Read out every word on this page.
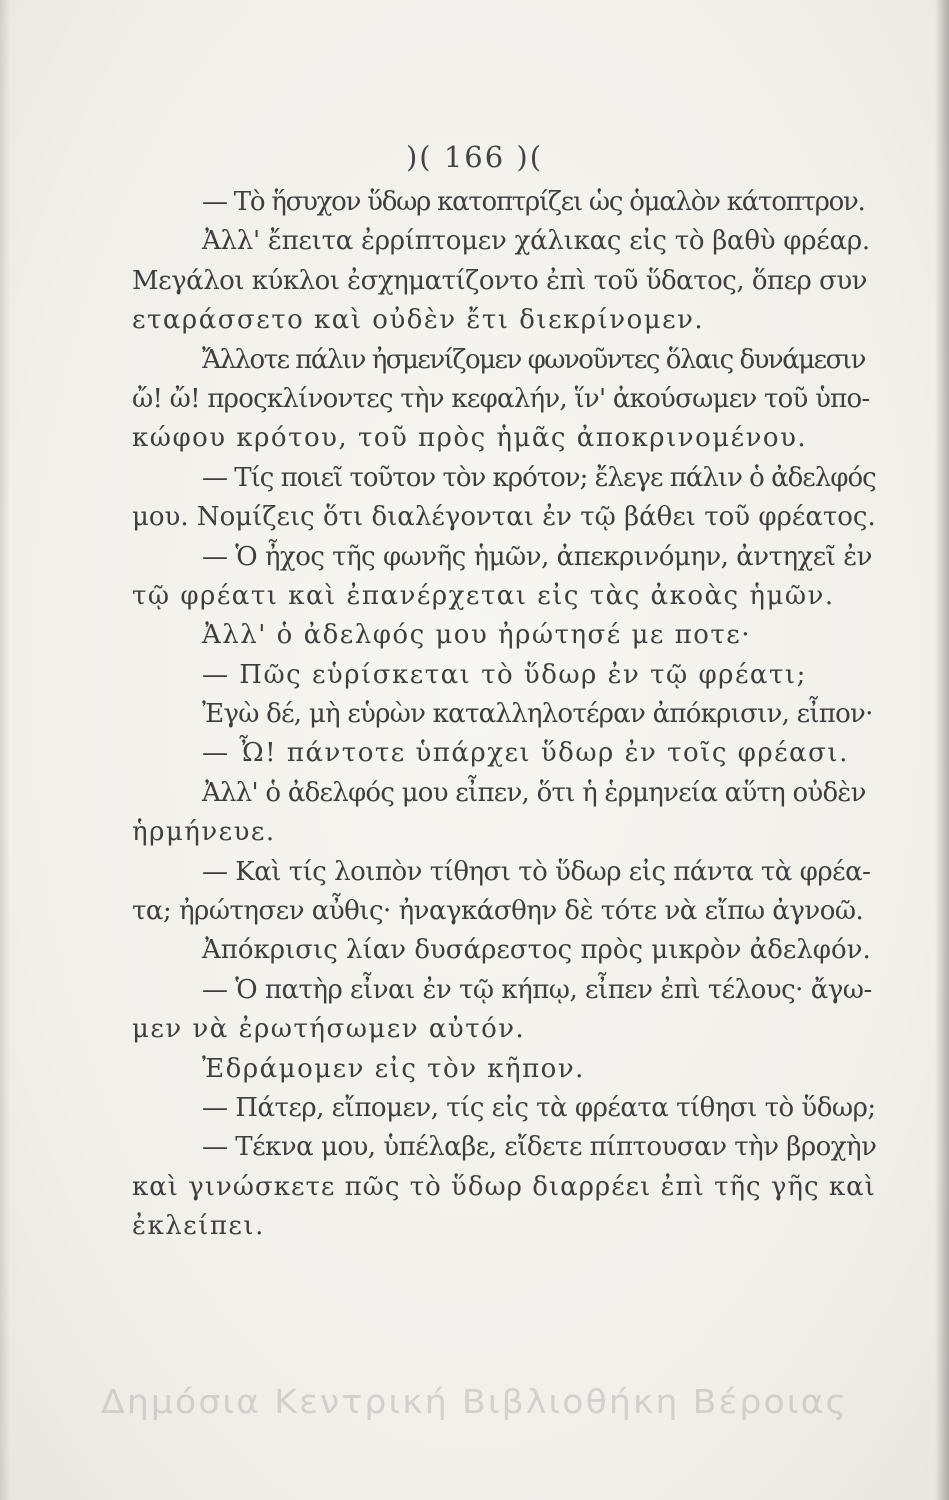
)( 166 )(
— Τὸ ἥσυχον ὕδωρ κατοπτρίζει ὡς ὁμαλὸν κάτοπτρον.
Ἀλλ' ἔπειτα ἐρρίπτομεν χάλικας εἰς τὸ βαθὺ φρέαρ.
Μεγάλοι κύκλοι ἐσχηματίζοντο ἐπὶ τοῦ ὕδατος, ὅπερ συν
εταράσσετο καὶ οὐδὲν ἔτι διεκρίνομεν.
Ἄλλοτε πάλιν ἠσμενίζομεν φωνοῦντες ὅλαις δυνάμεσιν
ὤ! ὤ! προςκλίνοντες τὴν κεφαλήν, ἵν' ἀκούσωμεν τοῦ ὑπο-
κώφου κρότου, τοῦ πρὸς ἡμᾶς ἀποκρινομένου.
— Τίς ποιεῖ τοῦτον τὸν κρότον; ἔλεγε πάλιν ὁ ἀδελφός
μου. Νομίζεις ὅτι διαλέγονται ἐν τῷ βάθει τοῦ φρέατος.
— Ὁ ἦχος τῆς φωνῆς ἡμῶν, ἀπεκρινόμην, ἀντηχεῖ ἐν
τῷ φρέατι καὶ ἐπανέρχεται εἰς τὰς ἀκοὰς ἡμῶν.
Ἀλλ' ὁ ἀδελφός μου ἠρώτησέ με ποτε·
— Πῶς εὑρίσκεται τὸ ὕδωρ ἐν τῷ φρέατι;
Ἐγὼ δέ, μὴ εὑρὼν καταλληλοτέραν ἀπόκρισιν, εἶπον·
— Ὦ! πάντοτε ὑπάρχει ὕδωρ ἐν τοῖς φρέασι.
Ἀλλ' ὁ ἀδελφός μου εἶπεν, ὅτι ἡ ἑρμηνεία αὕτη οὐδὲν
ἡρμήνευε.
— Καὶ τίς λοιπὸν τίθησι τὸ ὕδωρ εἰς πάντα τὰ φρέα-
τα; ἠρώτησεν αὖθις· ἠναγκάσθην δὲ τότε νὰ εἴπω ἀγνοῶ.
Ἀπόκρισις λίαν δυσάρεστος πρὸς μικρὸν ἀδελφόν.
— Ὁ πατὴρ εἶναι ἐν τῷ κήπῳ, εἶπεν ἐπὶ τέλους· ἄγω-
μεν νὰ ἐρωτήσωμεν αὐτόν.
Ἐδράμομεν εἰς τὸν κῆπον.
— Πάτερ, εἴπομεν, τίς εἰς τὰ φρέατα τίθησι τὸ ὕδωρ;
— Τέκνα μου, ὑπέλαβε, εἴδετε πίπτουσαν τὴν βροχὴν
καὶ γινώσκετε πῶς τὸ ὕδωρ διαρρέει ἐπὶ τῆς γῆς καὶ
ἐκλείπει.
Δημόσια Κεντρική Βιβλιοθήκη Βέροιας
